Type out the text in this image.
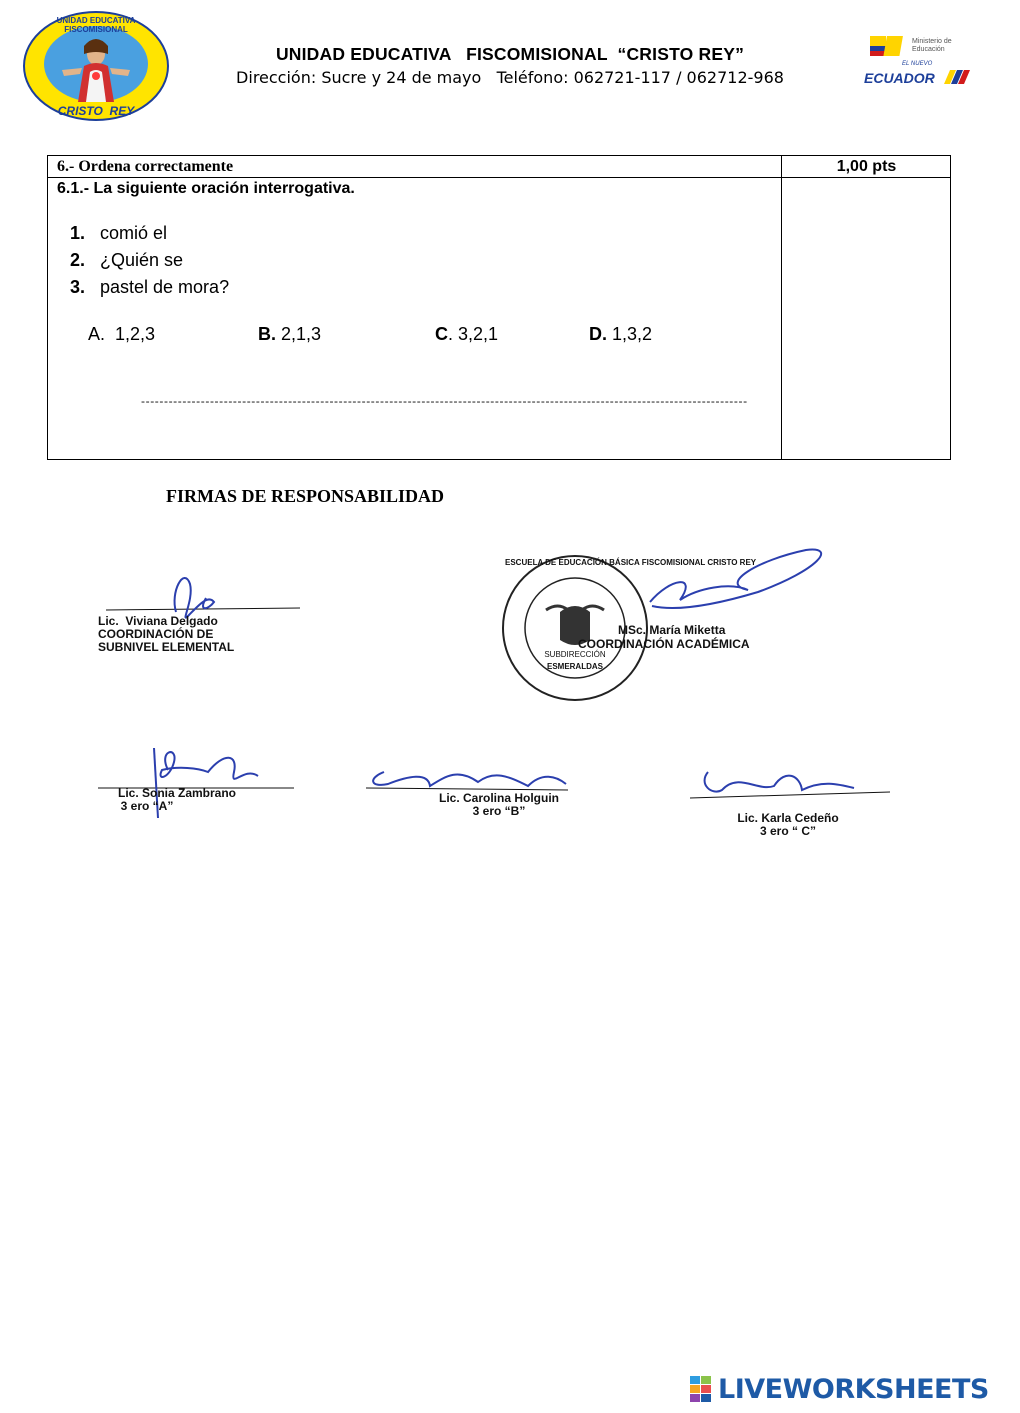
UNIDAD EDUCATIVA FISCOMISIONAL
CRISTO  REY
UNIDAD EDUCATIVA   FISCOMISIONAL  “CRISTO REY”
Dirección: Sucre y 24 de mayo   Teléfono: 062721-117 / 062712-968
Ministerio de Educación
EL NUEVO
ECUADOR
6.- Ordena correctamente	1,00 pts
6.1.- La siguiente oración interrogativa.
1. comió el
2. ¿Quién se
3. pastel de mora?
A.  1,2,3	B. 2,1,3	C. 3,2,1	D. 1,3,2
------------------------------------------------------------------------------------------------------------------------------------
FIRMAS DE RESPONSABILIDAD
Lic.  Viviana Delgado
COORDINACIÓN DE
SUBNIVEL ELEMENTAL
MSc. María Miketta
COORDINACIÓN ACADÉMICA
Lic. Sonia Zambrano
3 ero “A”
Lic. Carolina Holguin
3 ero “B”	Lic. Karla Cedeño
3 ero “ C”
ESCUELA DE EDUCACIÓN BÁSICA FISCOMISIONAL CRISTO REY
SUBDIRECCIÓN
ESMERALDAS
LIVEWORKSHEETS
